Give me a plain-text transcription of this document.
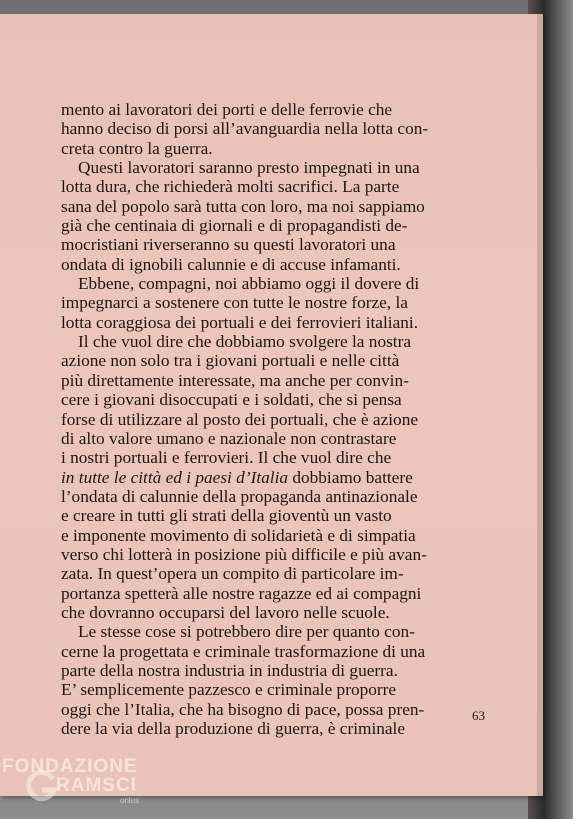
mento ai lavoratori dei porti e delle ferrovie che
hanno deciso di porsi all’avanguardia nella lotta con-
creta contro la guerra.

Questi lavoratori saranno presto impegnati in una
lotta dura, che richiederà molti sacrifici. La parte
sana del popolo sarà tutta con loro, ma noi sappiamo
già che centinaia di giornali e di propagandisti de-
mocristiani riverseranno su questi lavoratori una
ondata di ignobili calunnie e di accuse infamanti.

Ebbene, compagni, noi abbiamo oggi il dovere di
impegnarci a sostenere con tutte le nostre forze, la
lotta coraggiosa dei portuali e dei ferrovieri italiani.

Il che vuol dire che dobbiamo svolgere la nostra
azione non solo tra i giovani portuali e nelle città
più direttamente interessate, ma anche per convin-
cere i giovani disoccupati e i soldati, che si pensa
forse di utilizzare al posto dei portuali, che è azione
di alto valore umano e nazionale non contrastare
i nostri portuali e ferrovieri. Il che vuol dire che
in tutte le città ed i paesi d’Italia dobbiamo battere
l’ondata di calunnie della propaganda antinazionale
e creare in tutti gli strati della gioventù un vasto
e imponente movimento di solidarietà e di simpatia
verso chi lotterà in posizione più difficile e più avan-
zata. In quest’opera un compito di particolare im-
portanza spetterà alle nostre ragazze ed ai compagni
che dovranno occuparsi del lavoro nelle scuole.

Le stesse cose si potrebbero dire per quanto con-
cerne la progettata e criminale trasformazione di una
parte della nostra industria in industria di guerra.
E’ semplicemente pazzesco e criminale proporre
oggi che l’Italia, che ha bisogno di pace, possa pren-
dere la via della produzione di guerra, è criminale

63
FONDAZIONE
RAMSCI
onlus
